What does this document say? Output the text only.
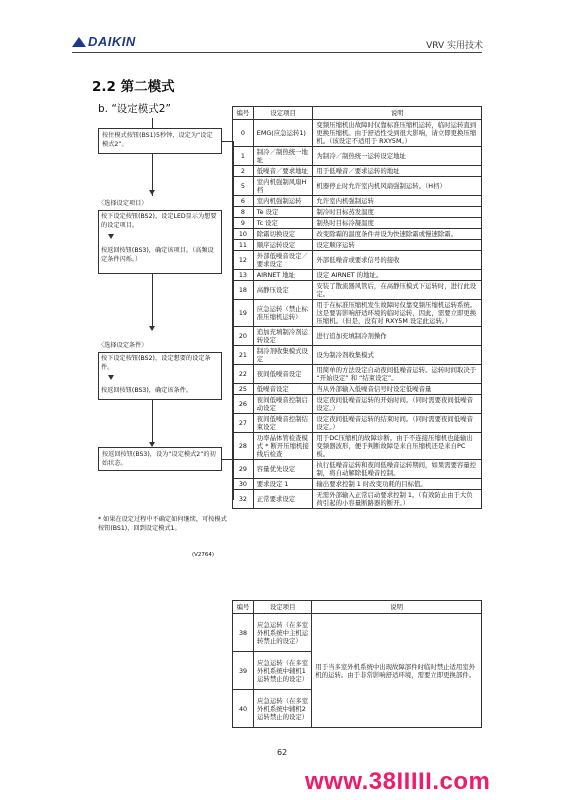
DAIKIN	VRV 实用技术
2.2 第二模式
b. “设定模式2”
按住模式按钮(BS1)5秒钟，设定为“设定模式2”。
〈选择设定项目〉
按下设定按钮(BS2)，设定LED显示为想要的设定项目。
按返回按钮(BS3)，确定该项目。（高频设定条件闪烁。）
〈选择设定条件〉
按下设定按钮(BS2)，设定想要的设定条件。
按返回按钮(BS3)，确定该条件。
按返回按钮(BS3)，设为“设定模式2”的初始状态。
* 如果在设定过程中不确定如何继续，可按模式按钮(BS1)，回到设定模式1。
(V2764)
编号	设定项目	说明
0	EMG(应急运转1)	变频压缩机出故障时仅靠标准压缩机运转，临时运转直到更换压缩机。由于舒适性受到很大影响，请立即更换压缩机。（该设定不适用于 RXY5M。）
1	制冷／制热统一地址	为制冷／制热统一运转设定地址
2	低噪音／要求地址	用于低噪音／要求运转的地址
5	室内机强制风扇H档	机器停止时允许室内机风扇强制运转。（H档）
6	室内机强制运转	允许室内机强制运转
8	Te 设定	制冷时目标蒸发温度
9	Tc 设定	制热时目标冷凝温度
10	除霜切换设定	改变除霜的温度条件并设为快速除霜或慢速除霜。
11	顺序运转设定	设定顺序运转
12	外部低噪音设定／要求设定	外部低噪音或要求信号的接收
13	AIRNET 地址	设定 AIRNET 的地址。
18	高静压设定	安装了散流器风管后，在高静压模式下运转时，进行此设定。
19	应急运转（禁止标准压缩机运转）	用于在标准压缩机发生故障时仅靠变频压缩机运转系统。这是要害影响舒适环境的临时运转，因此，需要立即更换压缩机。（但是，没有对 RXY5M 设定此运转。）
20	追加充填制冷剂运转设定	进行追加充填制冷剂操作
21	制冷剂收集模式设定	设为制冷剂收集模式
22	夜间低噪音设定	用简单的方法设定自动夜间低噪音运转。运转时间取决于 “开始设定” 和 “结束设定”。
25	低噪音设定	当从外部输入低噪音信号时设定低噪音量
26	夜间低噪音控制启动设定	设定夜间低噪音运转的开始时间。（同时需要夜间低噪音设定。）
27	夜间低噪音控制结束设定	设定夜间低噪音运转的结束时间。（同时需要夜间低噪音设定。）
28	功率晶体管检查模式 * 断开压缩机接线后检查	用于DC压缩机的故障诊断。由于不连接压缩机也能输出变频器波形，便于判断故障是来自压缩机还是来自PC板。
29	容量优先设定	执行低噪音运转和夜间低噪音运转期间，如果需要容量控制，将自动解除低噪音控制。
30	要求设定 1	输出要求控制 1 时改变功耗的目标值。
32	正常要求设定	无需外部输入正常启动要求控制 1。（有效防止由于大负荷引起的小容量断路器的断开。）
编号	设定项目	说明
38	应急运转（在多室外机系统中主机运转禁止的设定）	用于当多室外机系统中出现故障部件时临时禁止适用室外机的运转。由于非常影响舒适环境，需要立即更换部件。
39	应急运转（在多室外机系统中辅机1运转禁止的设定）	
40	应急运转（在多室外机系统中辅机2运转禁止的设定）	
62
www.38IIIII.com
